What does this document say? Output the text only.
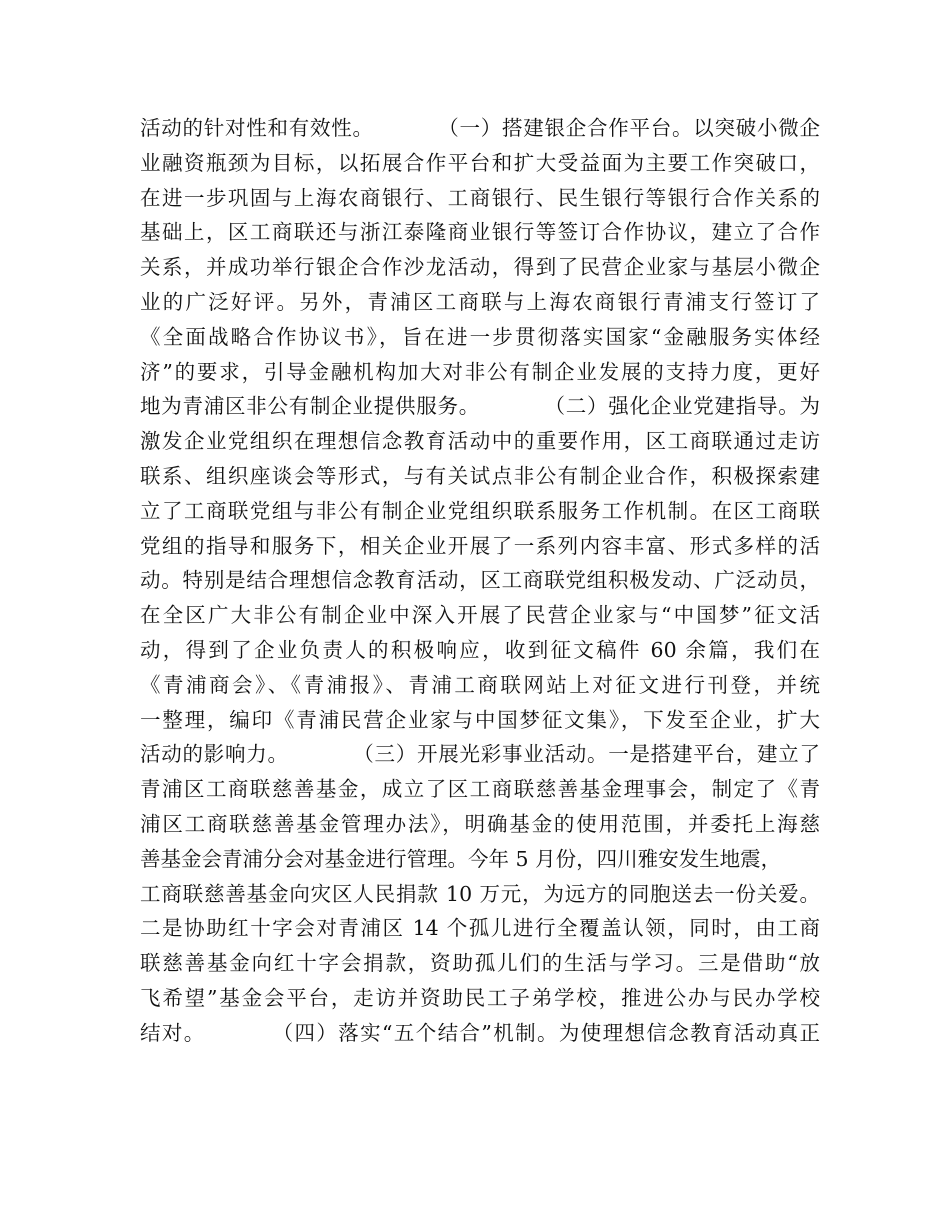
活动的针对性和有效性。　　　　（一）搭建银企合作平台。以突破小微企
业融资瓶颈为目标，以拓展合作平台和扩大受益面为主要工作突破口，
在进一步巩固与上海农商银行、工商银行、民生银行等银行合作关系的
基础上，区工商联还与浙江泰隆商业银行等签订合作协议，建立了合作
关系，并成功举行银企合作沙龙活动，得到了民营企业家与基层小微企
业的广泛好评。另外，青浦区工商联与上海农商银行青浦支行签订了
《全面战略合作协议书》，旨在进一步贯彻落实国家“金融服务实体经
济”的要求，引导金融机构加大对非公有制企业发展的支持力度，更好
地为青浦区非公有制企业提供服务。　　　　（二）强化企业党建指导。为
激发企业党组织在理想信念教育活动中的重要作用，区工商联通过走访
联系、组织座谈会等形式，与有关试点非公有制企业合作，积极探索建
立了工商联党组与非公有制企业党组织联系服务工作机制。在区工商联
党组的指导和服务下，相关企业开展了一系列内容丰富、形式多样的活
动。特别是结合理想信念教育活动，区工商联党组积极发动、广泛动员，
在全区广大非公有制企业中深入开展了民营企业家与“中国梦”征文活
动，得到了企业负责人的积极响应，收到征文稿件 60 余篇，我们在
《青浦商会》、《青浦报》、青浦工商联网站上对征文进行刊登，并统
一整理，编印《青浦民营企业家与中国梦征文集》，下发至企业，扩大
活动的影响力。　　　　（三）开展光彩事业活动。一是搭建平台，建立了
青浦区工商联慈善基金，成立了区工商联慈善基金理事会，制定了《青
浦区工商联慈善基金管理办法》，明确基金的使用范围，并委托上海慈
善基金会青浦分会对基金进行管理。今年 5 月份，四川雅安发生地震，
工商联慈善基金向灾区人民捐款 10 万元，为远方的同胞送去一份关爱。
二是协助红十字会对青浦区 14 个孤儿进行全覆盖认领，同时，由工商
联慈善基金向红十字会捐款，资助孤儿们的生活与学习。三是借助“放
飞希望”基金会平台，走访并资助民工子弟学校，推进公办与民办学校
结对。　　　　（四）落实“五个结合”机制。为使理想信念教育活动真正
